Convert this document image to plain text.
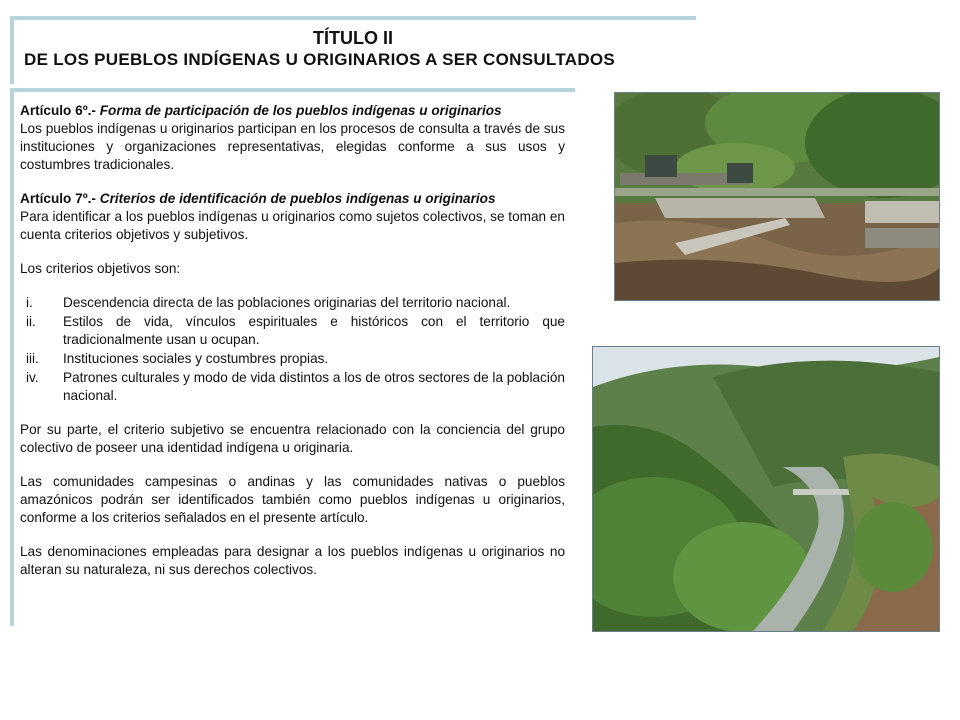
TÍTULO II
DE LOS PUEBLOS INDÍGENAS U ORIGINARIOS A SER CONSULTADOS

Artículo 6º.- Forma de participación de los pueblos indígenas u originarios
Los pueblos indígenas u originarios participan en los procesos de consulta a través de sus instituciones y organizaciones representativas, elegidas conforme a sus usos y costumbres tradicionales.

Artículo 7º.- Criterios de identificación de pueblos indígenas u originarios
Para identificar a los pueblos indígenas u originarios como sujetos colectivos, se toman en cuenta criterios objetivos y subjetivos.

Los criterios objetivos son:

i.	Descendencia directa de las poblaciones originarias del territorio nacional.
ii.	Estilos de vida, vínculos espirituales e históricos con el territorio que tradicionalmente usan u ocupan.
iii.	Instituciones sociales y costumbres propias.
iv.	Patrones culturales y modo de vida distintos a los de otros sectores de la población nacional.

Por su parte, el criterio subjetivo se encuentra relacionado con la conciencia del grupo colectivo de poseer una identidad indígena u originaria.

Las comunidades campesinas o andinas y las comunidades nativas o pueblos amazónicos podrán ser identificados también como pueblos indígenas u originarios, conforme a los criterios señalados en el presente artículo.

Las denominaciones empleadas para designar a los pueblos indígenas u originarios no alteran su naturaleza, ni sus derechos colectivos.
